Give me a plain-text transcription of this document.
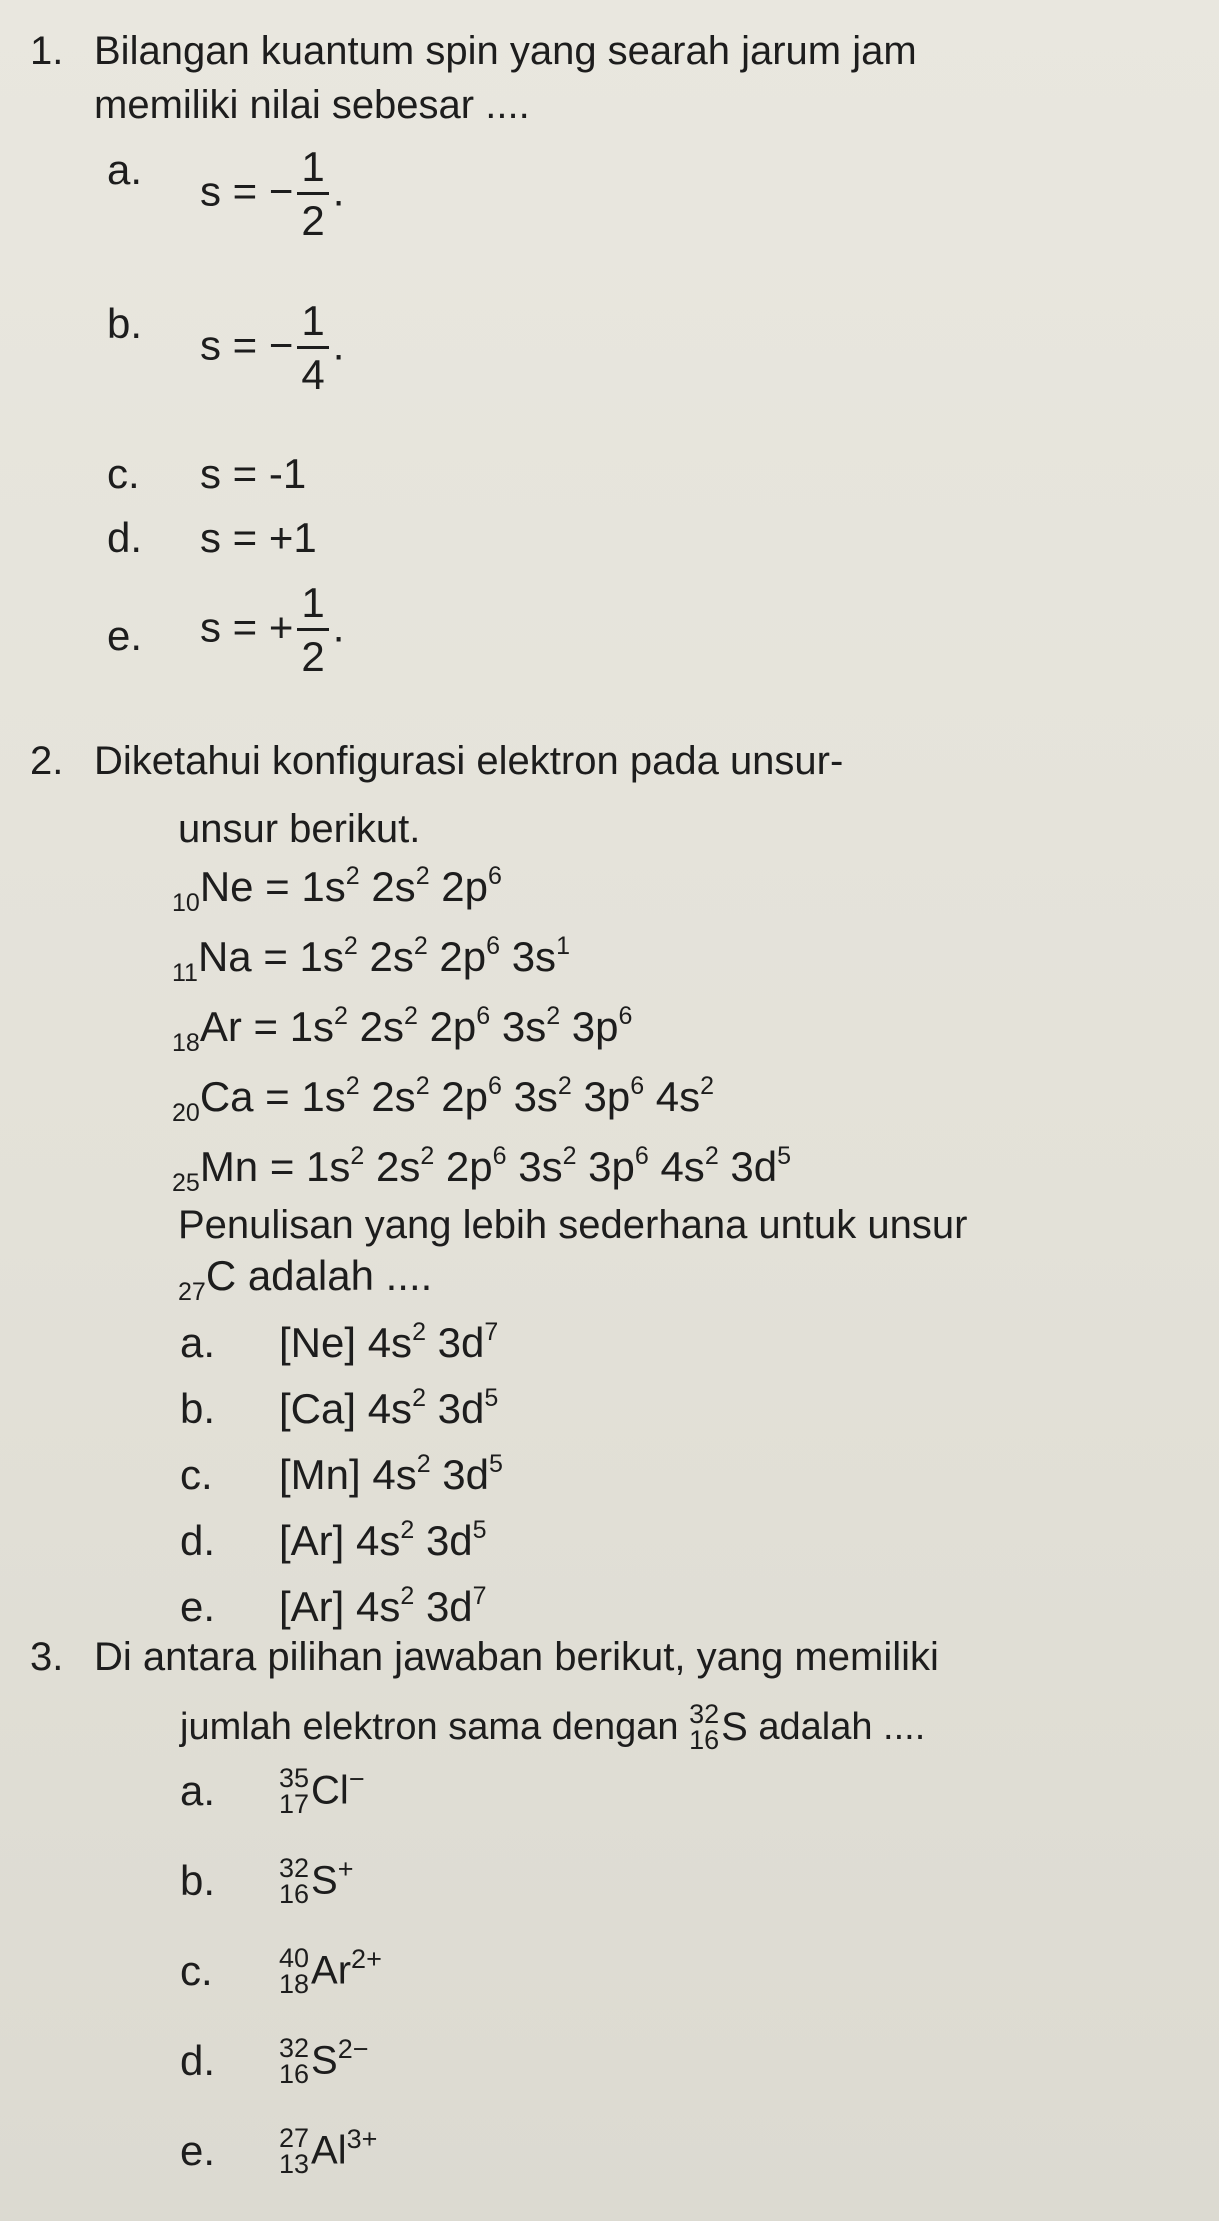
1. Bilangan kuantum spin yang searah jarum jam
memiliki nilai sebesar ....
a. s = − $\frac{1}{2}$ .
b. s = − $\frac{1}{4}$ .
c. s = -1
d. s = +1
e. s = + $\frac{1}{2}$ .
2. Diketahui konfigurasi elektron pada unsur-
unsur berikut.
$_{10}Ne = 1s^2$ $2s^2$ $2p^6$
$_{11}Na = 1s^2$ $2s^2$ $2p^6$ $3s^1$
$_{18}Ar = 1s^2$ $2s^2$ $2p^6$ $3s^2$ $3p^6$
$_{20}Ca = 1s^2$ $2s^2$ $2p^6$ $3s^2$ $3p^6$ $4s^2$
$_{25}Mn = 1s^2$ $2s^2$ $2p^6$ $3s^2$ $3p^6$ $4s^2$ $3d^5$
Penulisan yang lebih sederhana untuk unsur
$_{27}$C adalah ....
a. [Ne] $4s^2$ $3d^7$
b. [Ca] $4s^2$ $3d^5$
c. [Mn] $4s^2$ $3d^5$
d. [Ar] $4s^2$ $3d^5$
e. [Ar] $4s^2$ $3d^7$
3. Di antara pilihan jawaban berikut, yang memiliki
jumlah elektron sama dengan 32
16 S adalah ....
a. 35
17 Cl−
b. 32
16 S+
c. 40
18 $Ar^{2+}$
d. 32
16 $S^{2-}$
e. 27
13 $Al^{3+}$
